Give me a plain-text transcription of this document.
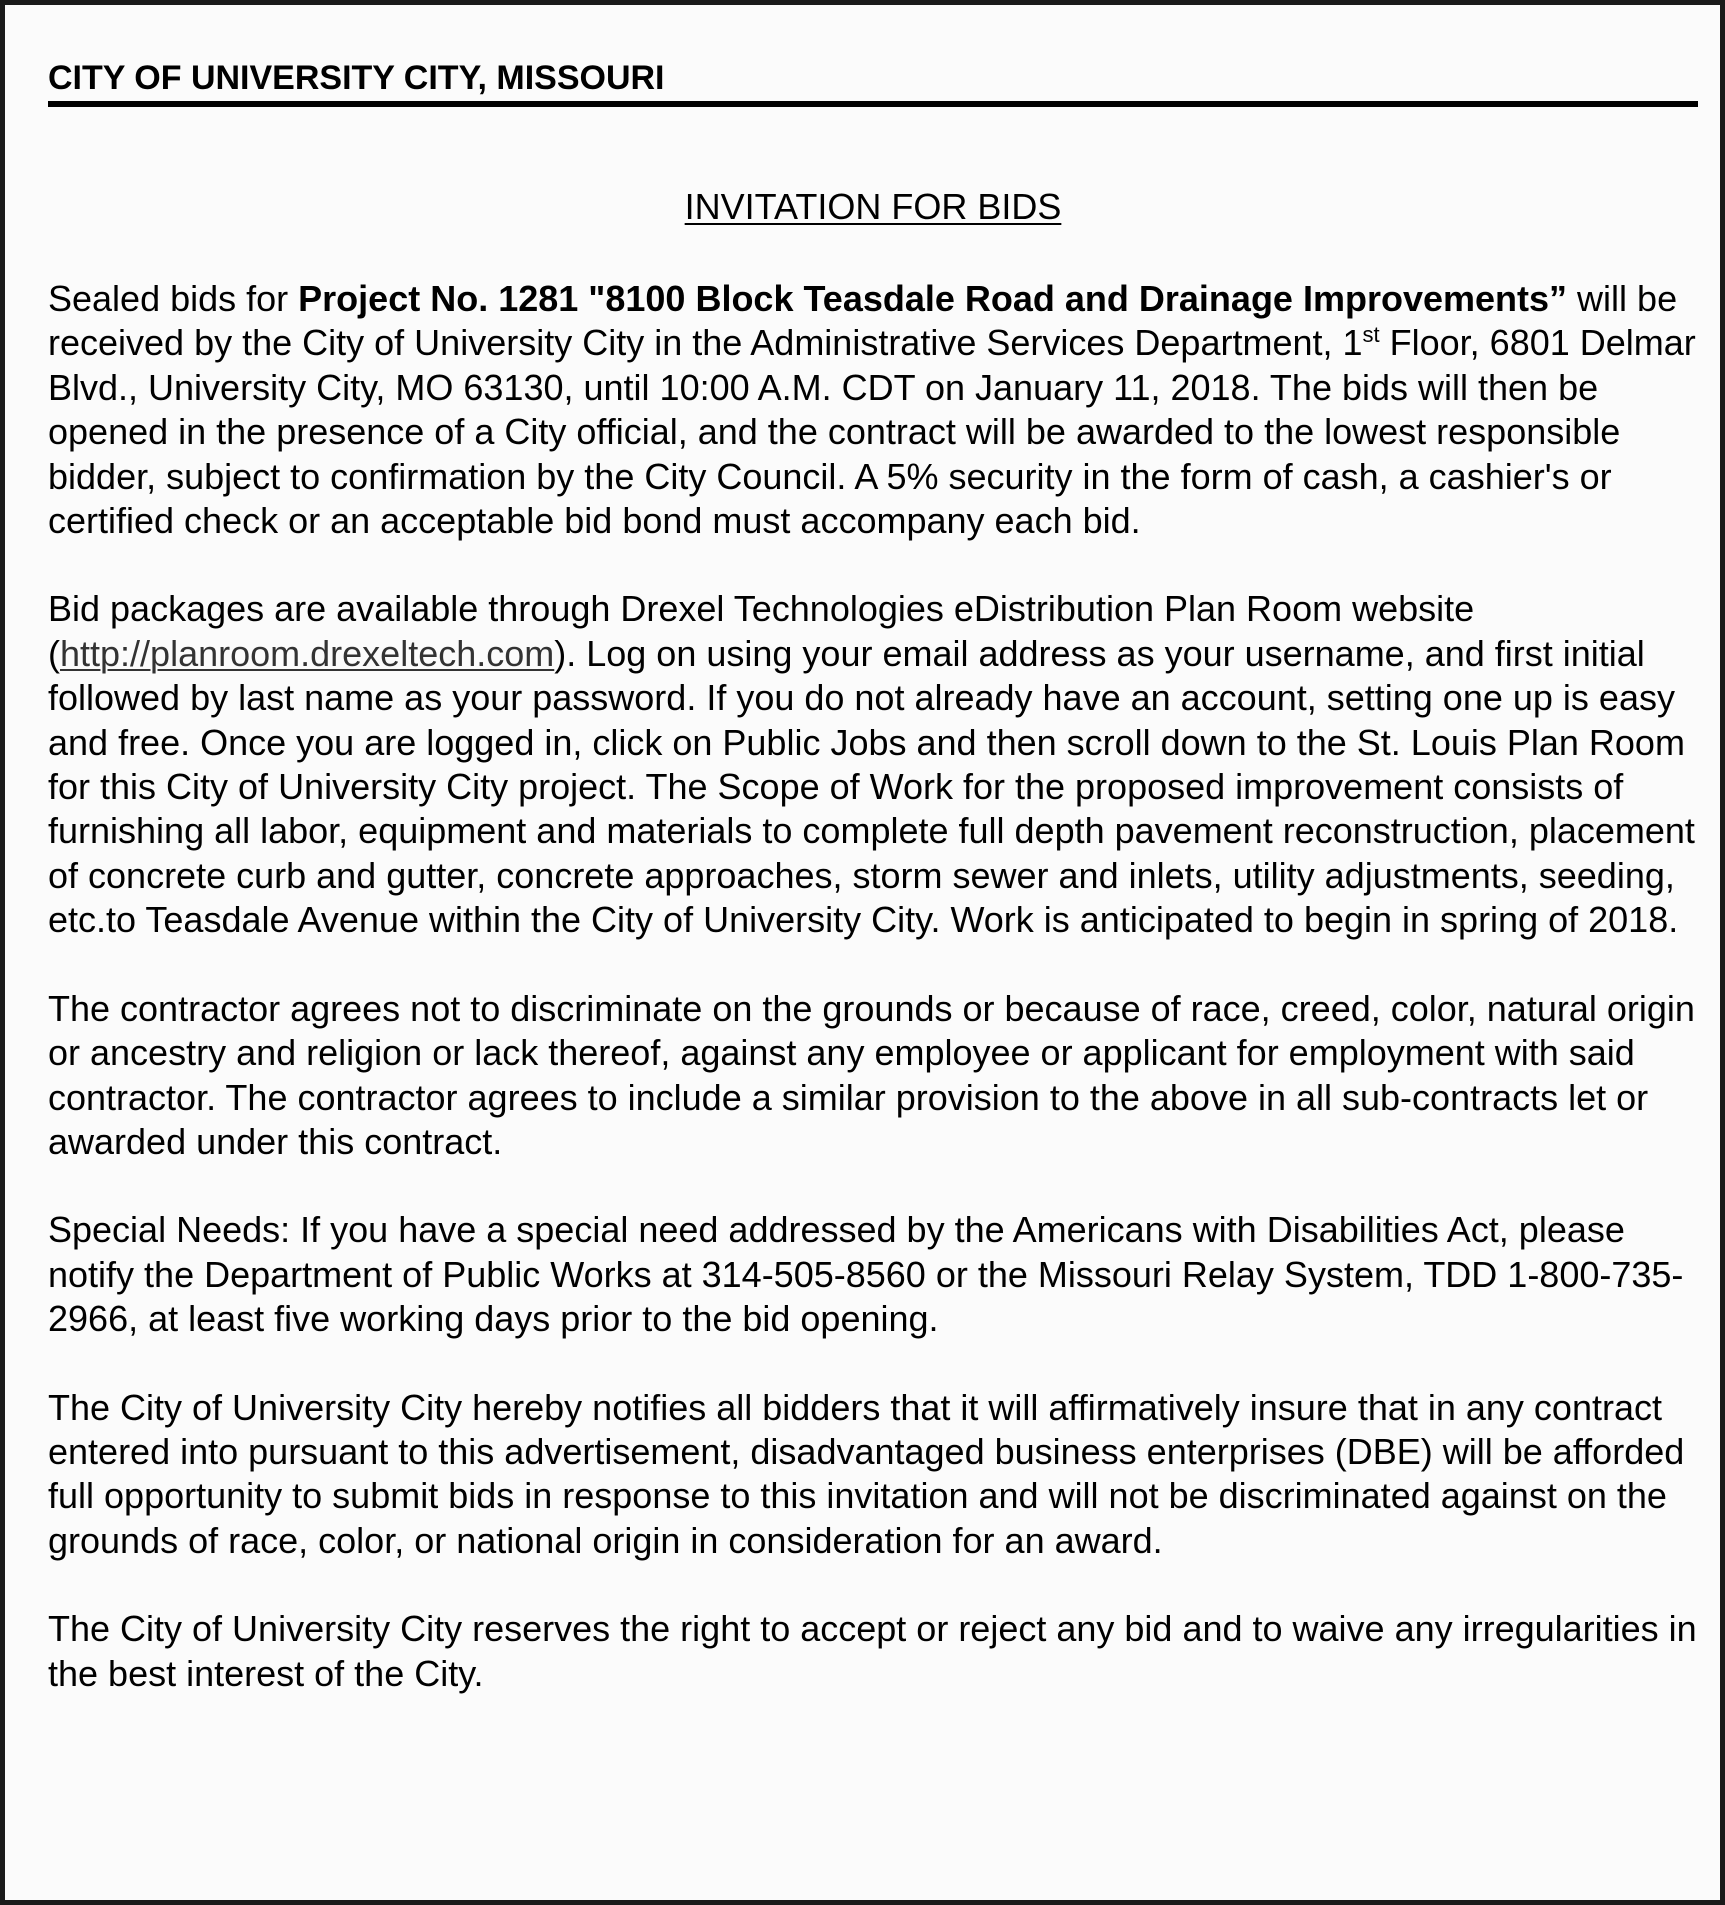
CITY OF UNIVERSITY CITY, MISSOURI
INVITATION FOR BIDS

Sealed bids for Project No. 1281 "8100 Block Teasdale Road and Drainage Improvements” will be received by the City of University City in the Administrative Services Department, 1st Floor, 6801 Delmar Blvd., University City, MO 63130, until 10:00 A.M. CDT on January 11, 2018. The bids will then be opened in the presence of a City official, and the contract will be awarded to the lowest responsible bidder, subject to confirmation by the City Council. A 5% security in the form of cash, a cashier's or certified check or an acceptable bid bond must accompany each bid.

Bid packages are available through Drexel Technologies eDistribution Plan Room website (http://planroom.drexeltech.com). Log on using your email address as your username, and first initial followed by last name as your password. If you do not already have an account, setting one up is easy and free. Once you are logged in, click on Public Jobs and then scroll down to the St. Louis Plan Room for this City of University City project. The Scope of Work for the proposed improvement consists of furnishing all labor, equipment and materials to complete full depth pavement reconstruction, placement of concrete curb and gutter, concrete approaches, storm sewer and inlets, utility adjustments, seeding, etc.to Teasdale Avenue within the City of University City. Work is anticipated to begin in spring of 2018.

The contractor agrees not to discriminate on the grounds or because of race, creed, color, natural origin or ancestry and religion or lack thereof, against any employee or applicant for employment with said contractor. The contractor agrees to include a similar provision to the above in all sub-contracts let or awarded under this contract.

Special Needs: If you have a special need addressed by the Americans with Disabilities Act, please notify the Department of Public Works at 314-505-8560 or the Missouri Relay System, TDD 1-800-735-2966, at least five working days prior to the bid opening.

The City of University City hereby notifies all bidders that it will affirmatively insure that in any contract entered into pursuant to this advertisement, disadvantaged business enterprises (DBE) will be afforded full opportunity to submit bids in response to this invitation and will not be discriminated against on the grounds of race, color, or national origin in consideration for an award.

The City of University City reserves the right to accept or reject any bid and to waive any irregularities in the best interest of the City.
